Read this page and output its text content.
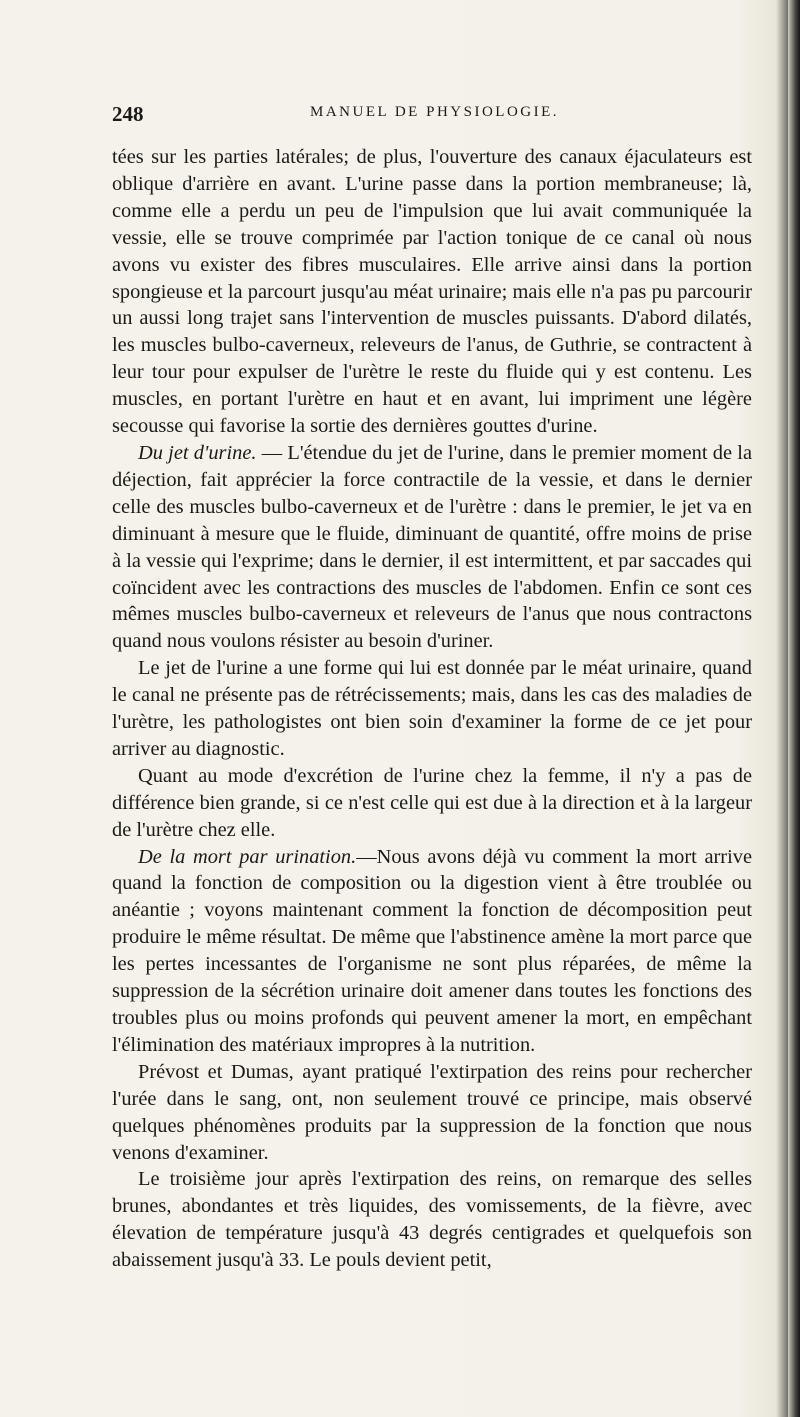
248	MANUEL DE PHYSIOLOGIE.

tées sur les parties latérales; de plus, l'ouverture des canaux éjaculateurs est oblique d'arrière en avant. L'urine passe dans la portion membraneuse; là, comme elle a perdu un peu de l'impulsion que lui avait communiquée la vessie, elle se trouve comprimée par l'action tonique de ce canal où nous avons vu exister des fibres musculaires. Elle arrive ainsi dans la portion spongieuse et la parcourt jusqu'au méat urinaire; mais elle n'a pas pu parcourir un aussi long trajet sans l'intervention de muscles puissants. D'abord dilatés, les muscles bulbo-caverneux, releveurs de l'anus, de Guthrie, se contractent à leur tour pour expulser de l'urètre le reste du fluide qui y est contenu. Les muscles, en portant l'urètre en haut et en avant, lui impriment une légère secousse qui favorise la sortie des dernières gouttes d'urine.

Du jet d'urine. — L'étendue du jet de l'urine, dans le premier moment de la déjection, fait apprécier la force contractile de la vessie, et dans le dernier celle des muscles bulbo-caverneux et de l'urètre : dans le premier, le jet va en diminuant à mesure que le fluide, diminuant de quantité, offre moins de prise à la vessie qui l'exprime; dans le dernier, il est intermittent, et par saccades qui coïncident avec les contractions des muscles de l'abdomen. Enfin ce sont ces mêmes muscles bulbo-caverneux et releveurs de l'anus que nous contractons quand nous voulons résister au besoin d'uriner.

Le jet de l'urine a une forme qui lui est donnée par le méat urinaire, quand le canal ne présente pas de rétrécissements; mais, dans les cas des maladies de l'urètre, les pathologistes ont bien soin d'examiner la forme de ce jet pour arriver au diagnostic.

Quant au mode d'excrétion de l'urine chez la femme, il n'y a pas de différence bien grande, si ce n'est celle qui est due à la direction et à la largeur de l'urètre chez elle.

De la mort par urination.—Nous avons déjà vu comment la mort arrive quand la fonction de composition ou la digestion vient à être troublée ou anéantie ; voyons maintenant comment la fonction de décomposition peut produire le même résultat. De même que l'abstinence amène la mort parce que les pertes incessantes de l'organisme ne sont plus réparées, de même la suppression de la sécrétion urinaire doit amener dans toutes les fonctions des troubles plus ou moins profonds qui peuvent amener la mort, en empêchant l'élimination des matériaux impropres à la nutrition.

Prévost et Dumas, ayant pratiqué l'extirpation des reins pour rechercher l'urée dans le sang, ont, non seulement trouvé ce principe, mais observé quelques phénomènes produits par la suppression de la fonction que nous venons d'examiner.

Le troisième jour après l'extirpation des reins, on remarque des selles brunes, abondantes et très liquides, des vomissements, de la fièvre, avec élevation de température jusqu'à 43 degrés centigrades et quelquefois son abaissement jusqu'à 33. Le pouls devient petit,
